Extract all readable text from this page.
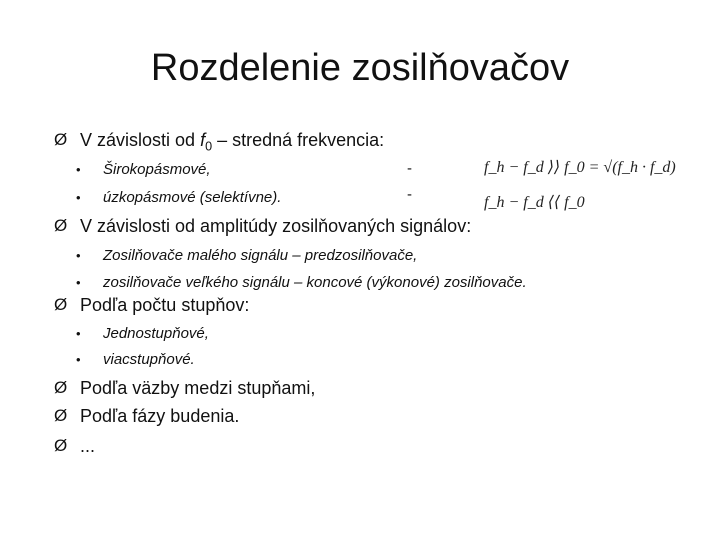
Rozdelenie zosilňovačov
Ø V závislosti od $f_0$ – stredná frekvencia:
• Širokopásmové,	-	f_h − f_d ⟩⟩ f_0 = √(f_h · f_d)
• úzkopásmové (selektívne).	-	f_h − f_d ⟨⟨ f_0
Ø V závislosti od amplitúdy zosilňovaných signálov:
• Zosilňovače malého signálu – predzosilňovače,
• zosilňovače veľkého signálu – koncové (výkonové) zosilňovače.
Ø Podľa počtu stupňov:
• Jednostupňové,
• viacstupňové.
Ø Podľa väzby medzi stupňami,
Ø Podľa fázy budenia.
Ø ...
